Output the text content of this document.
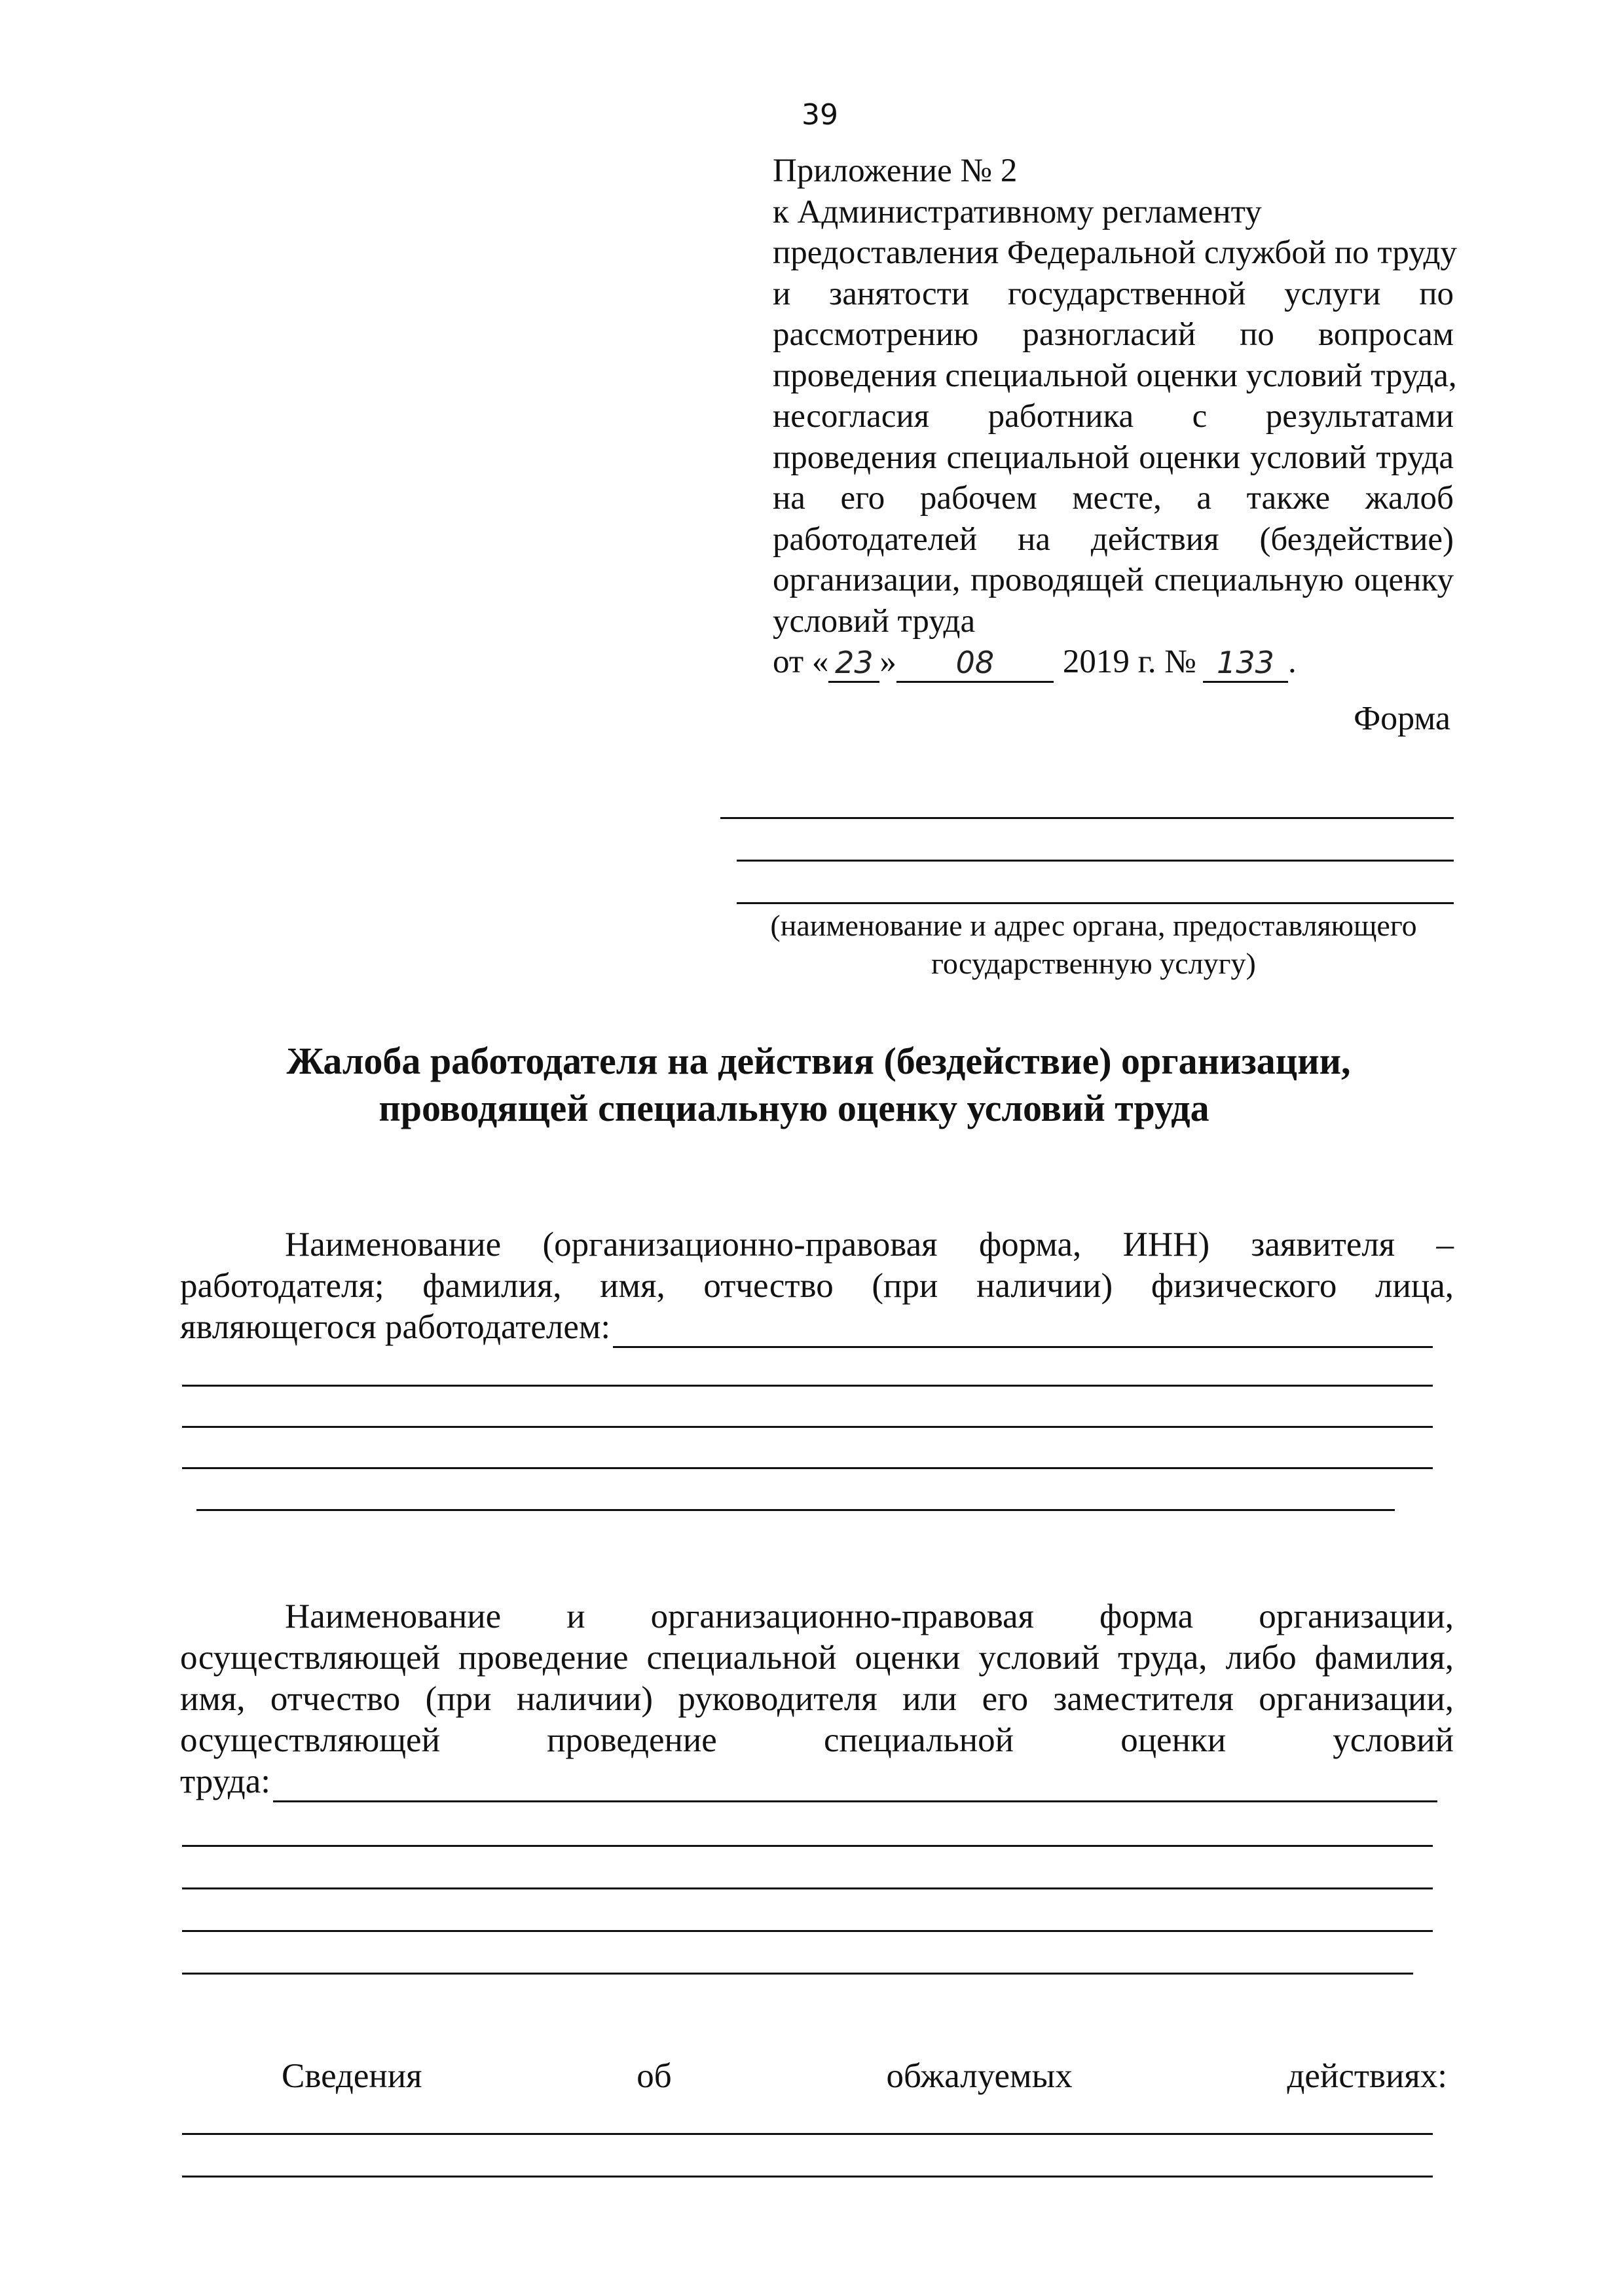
39
Приложение № 2
к Административному регламенту
предоставления Федеральной службой по труду
и занятости государственной услуги по
рассмотрению разногласий по вопросам
проведения специальной оценки условий труда,
несогласия работника с результатами
проведения специальной оценки условий труда
на его рабочем месте, а также жалоб
работодателей на действия (бездействие)
организации, проводящей специальную оценку
условий труда
от « 23 »	08	2019 г. № 133 .
Форма
(наименование и адрес органа, предоставляющего
государственную услугу)
Жалоба работодателя на действия (бездействие) организации,
проводящей специальную оценку условий труда
Наименование (организационно-правовая форма, ИНН) заявителя –
работодателя; фамилия, имя, отчество (при наличии) физического лица,
являющегося работодателем:
Наименование и организационно-правовая форма организации,
осуществляющей проведение специальной оценки условий труда, либо фамилия,
имя, отчество (при наличии) руководителя или его заместителя организации,
осуществляющей проведение специальной оценки условий
труда:
Сведения об обжалуемых действиях:
